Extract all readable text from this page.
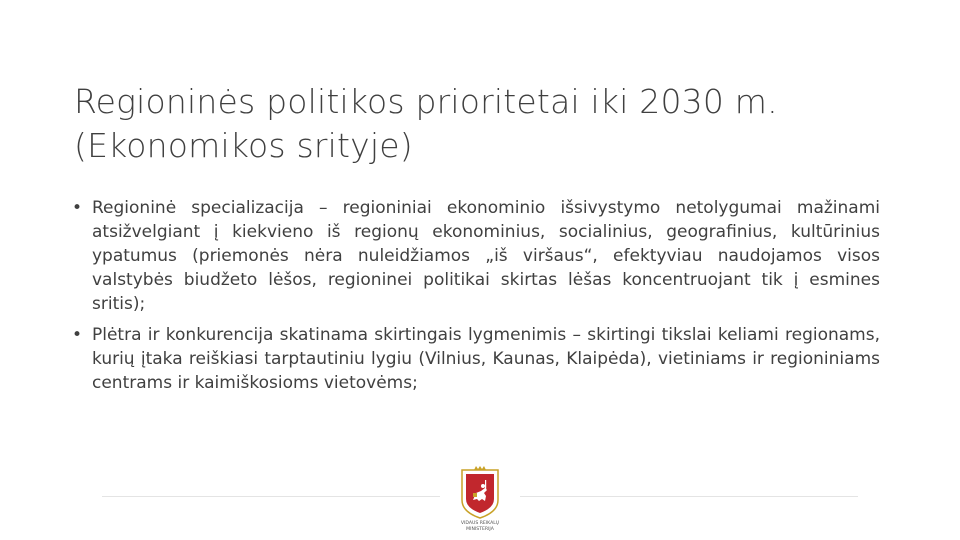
Regioninės politikos prioritetai iki 2030 m.
(Ekonomikos srityje)
• Regioninė specializacija – regioniniai ekonominio išsivystymo netolygumai mažinami atsižvelgiant į kiekvieno iš regionų ekonominius, socialinius, geografinius, kultūrinius ypatumus (priemonės nėra nuleidžiamos „iš viršaus“, efektyviau naudojamos visos valstybės biudžeto lėšos, regioninei politikai skirtas lėšas koncentruojant tik į esmines sritis);
• Plėtra ir konkurencija skatinama skirtingais lygmenimis – skirtingi tikslai keliami regionams, kurių įtaka reiškiasi tarptautiniu lygiu (Vilnius, Kaunas, Klaipėda), vietiniams ir regioniniams centrams ir kaimiškosioms vietovėms;
VIDAUS REIKALŲ
MINISTERIJA
